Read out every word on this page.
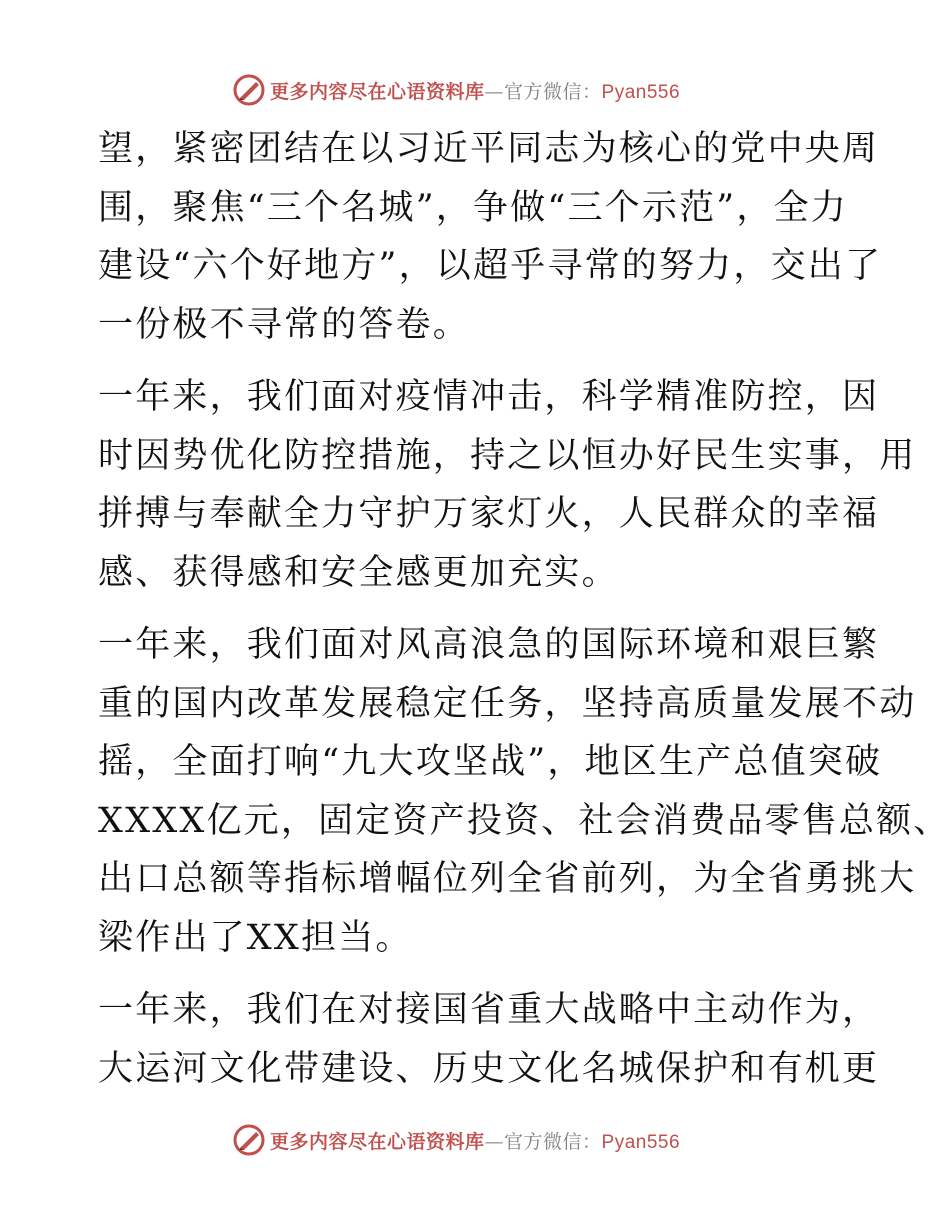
更多内容尽在心语资料库—官方微信：Pyan556

望，紧密团结在以习近平同志为核心的党中央周
围，聚焦“三个名城”，争做“三个示范”，全力
建设“六个好地方”，以超乎寻常的努力，交出了
一份极不寻常的答卷。

一年来，我们面对疫情冲击，科学精准防控，因
时因势优化防控措施，持之以恒办好民生实事，用
拼搏与奉献全力守护万家灯火，人民群众的幸福
感、获得感和安全感更加充实。

一年来，我们面对风高浪急的国际环境和艰巨繁
重的国内改革发展稳定任务，坚持高质量发展不动
摇，全面打响“九大攻坚战”，地区生产总值突破
XXXX亿元，固定资产投资、社会消费品零售总额、
出口总额等指标增幅位列全省前列，为全省勇挑大
梁作出了XX担当。

一年来，我们在对接国省重大战略中主动作为，
大运河文化带建设、历史文化名城保护和有机更

更多内容尽在心语资料库—官方微信：Pyan556
